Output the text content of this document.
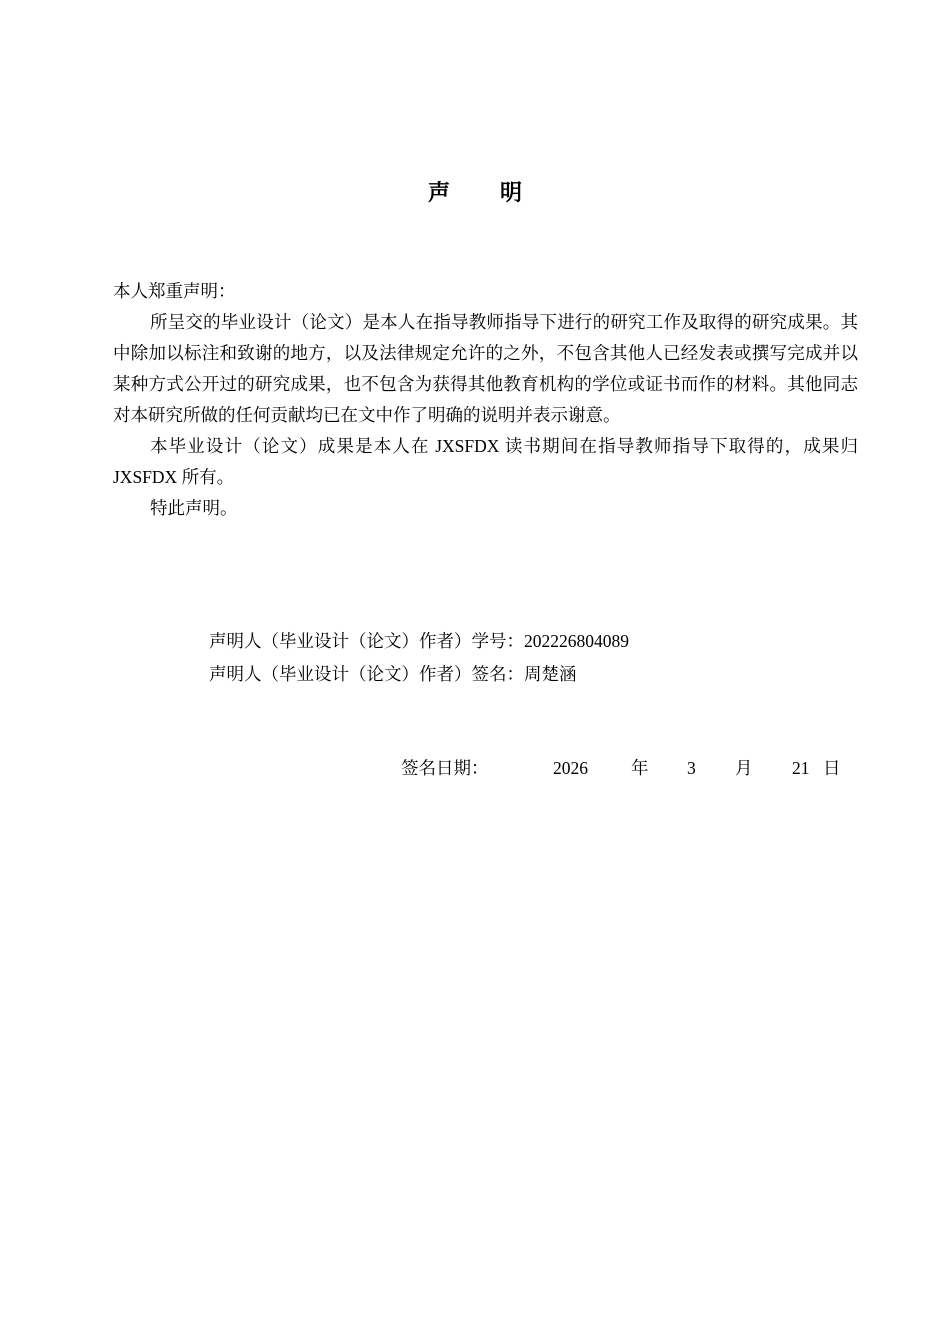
声 明
本人郑重声明：

所呈交的毕业设计（论文）是本人在指导教师指导下进行的研究工作及取得的研究成果。其中除加以标注和致谢的地方，以及法律规定允许的之外，不包含其他人已经发表或撰写完成并以某种方式公开过的研究成果，也不包含为获得其他教育机构的学位或证书而作的材料。其他同志对本研究所做的任何贡献均已在文中作了明确的说明并表示谢意。

本毕业设计（论文）成果是本人在 JXSFDX 读书期间在指导教师指导下取得的，成果归 JXSFDX 所有。

特此声明。

声明人（毕业设计（论文）作者）学号：202226804089
声明人（毕业设计（论文）作者）签名：周楚涵
签名日期：	2026 年 3 月 21 日
